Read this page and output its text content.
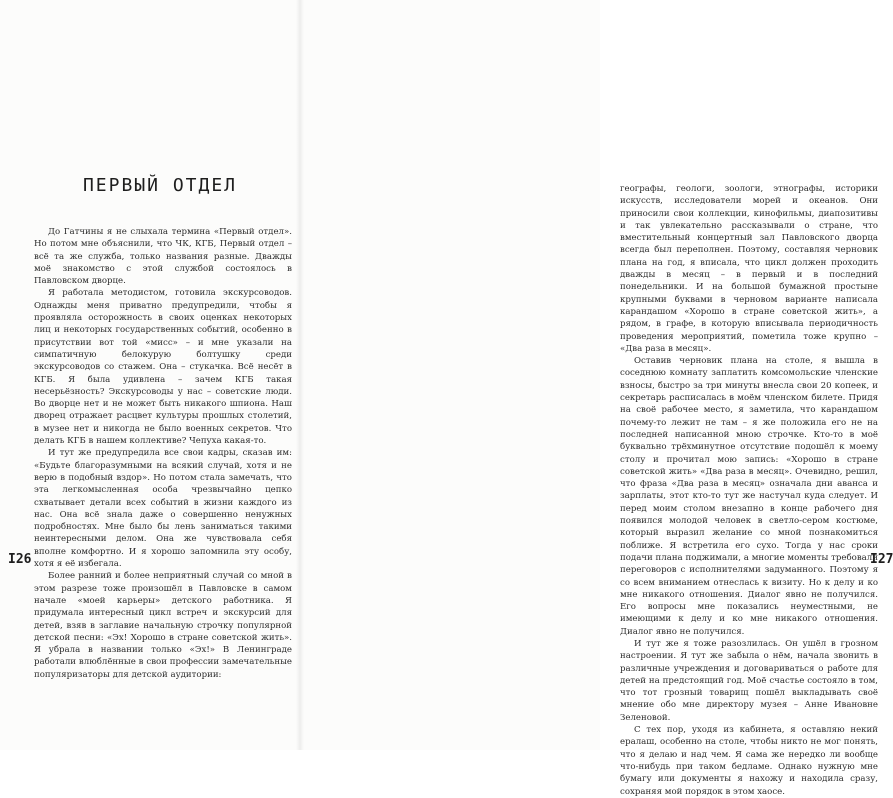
ПЕРВЫЙ ОТДЕЛ

До Гатчины я не слыхала термина «Первый отдел». Но потом мне объяснили, что ЧК, КГБ, Первый отдел – всё та же служба, только названия разные. Дважды моё знакомство с этой службой состоялось в Павловском дворце.

Я работала методистом, готовила экскурсоводов. Однажды меня приватно предупредили, чтобы я проявляла осторожность в своих оценках некоторых лиц и некоторых государственных событий, особенно в присутствии вот той «мисс» – и мне указали на симпатичную белокурую болтушку среди экскурсоводов со стажем. Она – стукачка. Всё несёт в КГБ. Я была удивлена – зачем КГБ такая несерьёзность? Экскурсоводы у нас – советские люди. Во дворце нет и не может быть никакого шпиона. Наш дворец отражает расцвет культуры прошлых столетий, в музее нет и никогда не было военных секретов. Что делать КГБ в нашем коллективе? Чепуха какая-то.

И тут же предупредила все свои кадры, сказав им: «Будьте благоразумными на всякий случай, хотя и не верю в подобный вздор». Но потом стала замечать, что эта легкомысленная особа чрезвычайно цепко схватывает детали всех событий в жизни каждого из нас. Она всё знала даже о совершенно ненужных подробностях. Мне было бы лень заниматься такими неинтересными делом. Она же чувствовала себя вполне комфортно. И я хорошо запомнила эту особу, хотя я её избегала.

Более ранний и более неприятный случай со мной в этом разрезе тоже произошёл в Павловске в самом начале «моей карьеры» детского работника. Я придумала интересный цикл встреч и экскурсий для детей, взяв в заглавие начальную строчку популярной детской песни: «Эх! Хорошо в стране советской жить». Я убрала в названии только «Эх!» В Ленинграде работали влюблённые в свои профессии замечательные популяризаторы для детской аудитории:

I26

географы, геологи, зоологи, этнографы, историки искусств, исследователи морей и океанов. Они приносили свои коллекции, кинофильмы, диапозитивы и так увлекательно рассказывали о стране, что вместительный концертный зал Павловского дворца всегда был переполнен. Поэтому, составляя черновик плана на год, я вписала, что цикл должен проходить дважды в месяц – в первый и в последний понедельники. И на большой бумажной простыне крупными буквами в черновом варианте написала карандашом «Хорошо в стране советской жить», а рядом, в графе, в которую вписывала периодичность проведения мероприятий, пометила тоже крупно – «Два раза в месяц».

Оставив черновик плана на столе, я вышла в соседнюю комнату заплатить комсомольские членские взносы, быстро за три минуты внесла свои 20 копеек, и секретарь расписалась в моём членском билете. Придя на своё рабочее место, я заметила, что карандашом почему-то лежит не там – я же положила его не на последней написанной мною строчке. Кто-то в моё буквально трёхминутное отсутствие подошёл к моему столу и прочитал мою запись: «Хорошо в стране советской жить» «Два раза в месяц». Очевидно, решил, что фраза «Два раза в месяц» означала дни аванса и зарплаты, этот кто-то тут же настучал куда следует. И перед моим столом внезапно в конце рабочего дня появился молодой человек в светло-сером костюме, который выразил желание со мной познакомиться поближе. Я встретила его сухо. Тогда у нас сроки подачи плана поджимали, а многие моменты требовали переговоров с исполнителями задуманного. Поэтому я со всем вниманием отнеслась к визиту. Но к делу и ко мне никакого отношения. Диалог явно не получился. Его вопросы мне показались неуместными, не имеющими к делу и ко мне никакого отношения. Диалог явно не получился.

И тут же я тоже разозлилась. Он ушёл в грозном настроении. Я тут же забыла о нём, начала звонить в различные учреждения и договариваться о работе для детей на предстоящий год. Моё счастье состояло в том, что тот грозный товарищ пошёл выкладывать своё мнение обо мне директору музея – Анне Ивановне Зеленовой.

С тех пор, уходя из кабинета, я оставляю некий ералаш, особенно на столе, чтобы никто не мог понять, что я делаю и над чем. Я сама же нередко ли вообще что-нибудь при таком бедламе. Однако нужную мне бумагу или документы я нахожу и находила сразу, сохраняя мой порядок в этом хаосе.

I27
